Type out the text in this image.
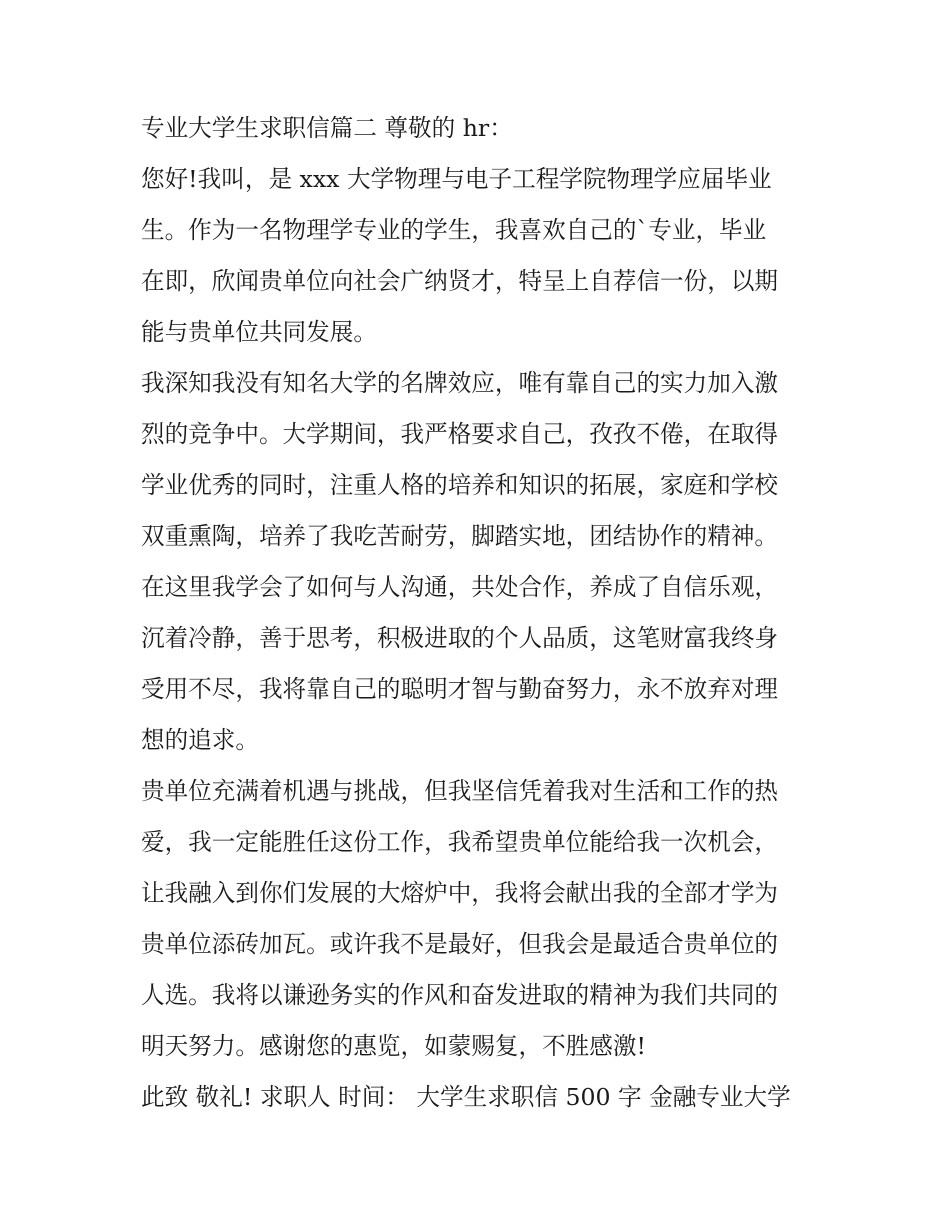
专业大学生求职信篇二 尊敬的 hr：
您好!我叫，是 xxx 大学物理与电子工程学院物理学应届毕业
生。作为一名物理学专业的学生，我喜欢自己的`专业，毕业
在即，欣闻贵单位向社会广纳贤才，特呈上自荐信一份，以期
能与贵单位共同发展。
我深知我没有知名大学的名牌效应，唯有靠自己的实力加入激
烈的竞争中。大学期间，我严格要求自己，孜孜不倦，在取得
学业优秀的同时，注重人格的培养和知识的拓展，家庭和学校
双重熏陶，培养了我吃苦耐劳，脚踏实地，团结协作的精神。
在这里我学会了如何与人沟通，共处合作，养成了自信乐观，
沉着冷静，善于思考，积极进取的个人品质，这笔财富我终身
受用不尽，我将靠自己的聪明才智与勤奋努力，永不放弃对理
想的追求。
贵单位充满着机遇与挑战，但我坚信凭着我对生活和工作的热
爱，我一定能胜任这份工作，我希望贵单位能给我一次机会，
让我融入到你们发展的大熔炉中，我将会献出我的全部才学为
贵单位添砖加瓦。或许我不是最好，但我会是最适合贵单位的
人选。我将以谦逊务实的作风和奋发进取的精神为我们共同的
明天努力。感谢您的惠览，如蒙赐复，不胜感激!
此致 敬礼! 求职人 时间： 大学生求职信 500 字 金融专业大学
